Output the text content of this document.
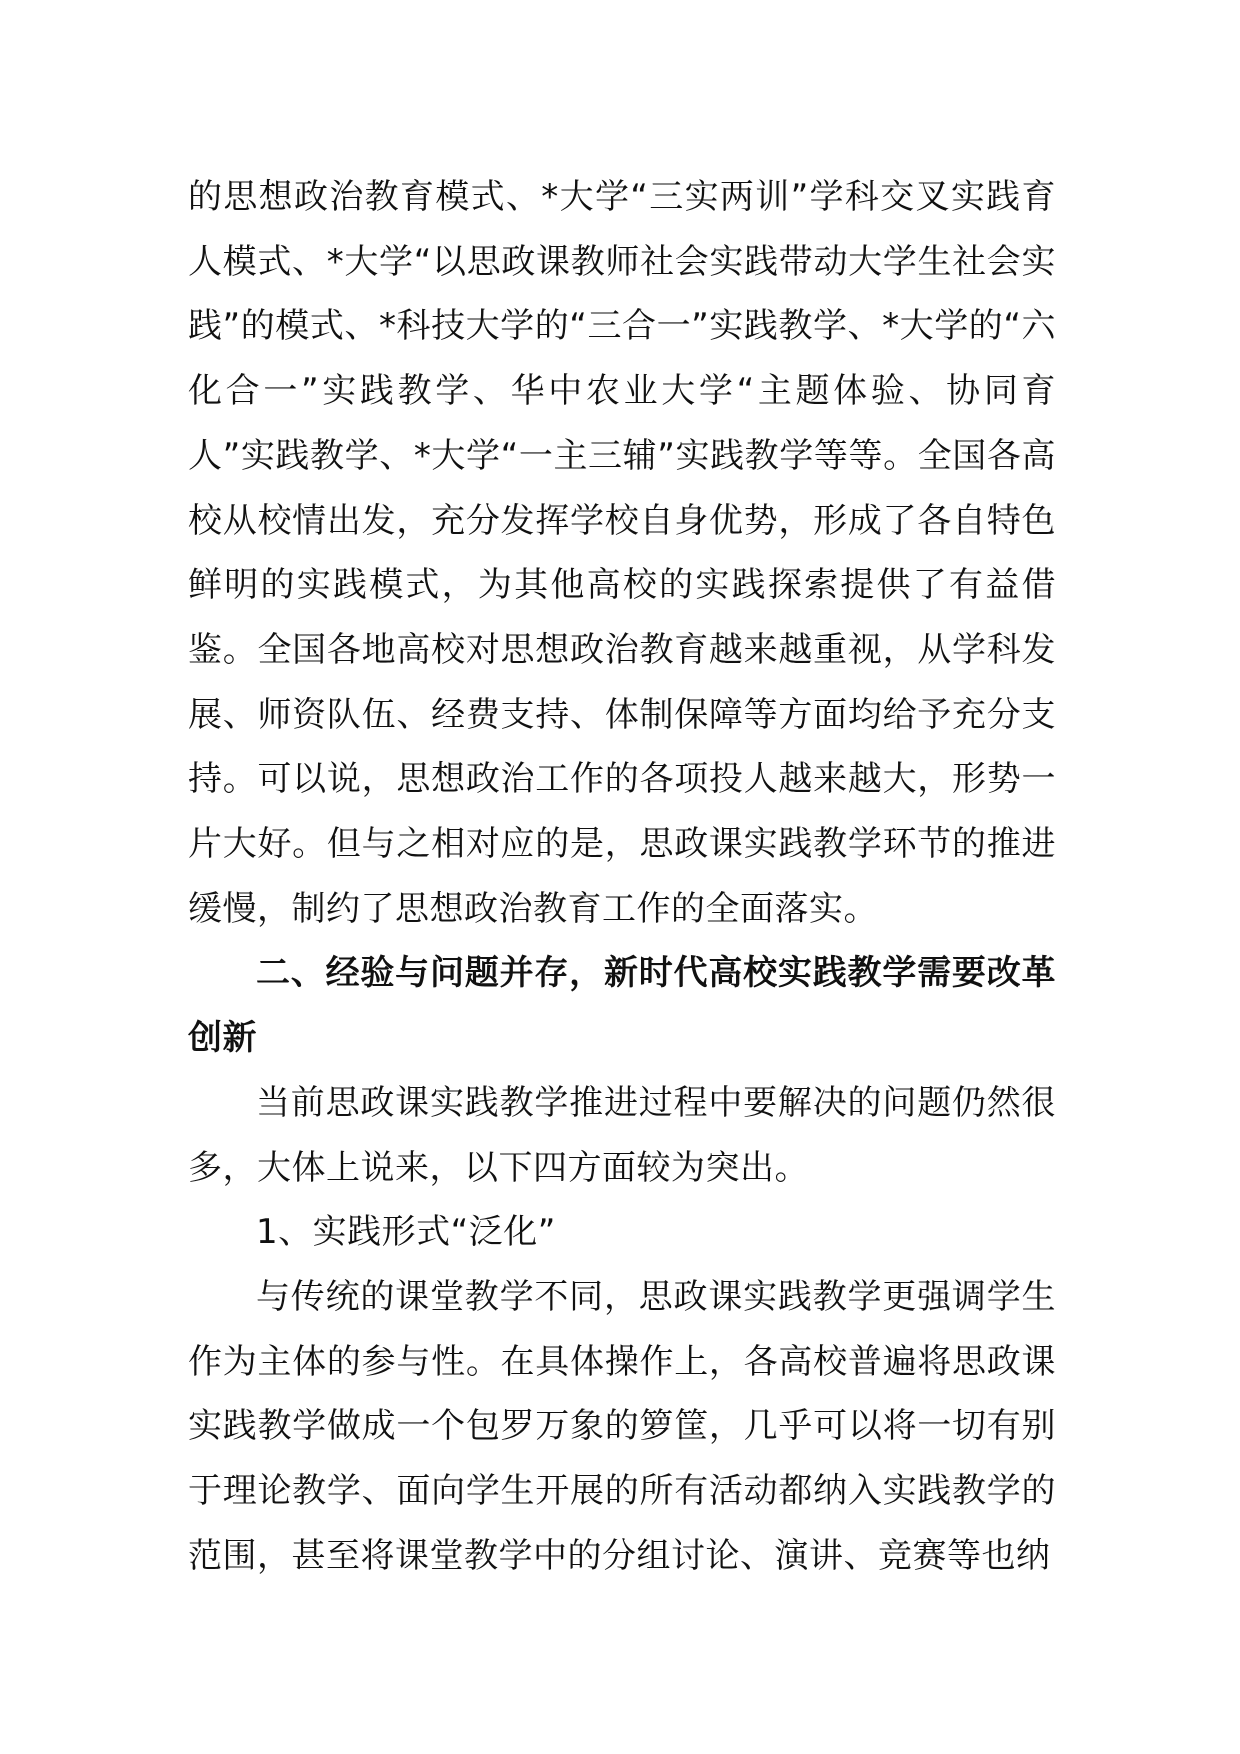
的思想政治教育模式、*大学“三实两训”学科交叉实践育人模式、*大学“以思政课教师社会实践带动大学生社会实践”的模式、*科技大学的“三合一”实践教学、*大学的“六化合一”实践教学、华中农业大学“主题体验、协同育人”实践教学、*大学“一主三辅”实践教学等等。全国各高校从校情出发，充分发挥学校自身优势，形成了各自特色鲜明的实践模式，为其他高校的实践探索提供了有益借鉴。全国各地高校对思想政治教育越来越重视，从学科发展、师资队伍、经费支持、体制保障等方面均给予充分支持。可以说，思想政治工作的各项投人越来越大，形势一片大好。但与之相对应的是，思政课实践教学环节的推进缓慢，制约了思想政治教育工作的全面落实。

二、经验与问题并存，新时代高校实践教学需要改革创新

当前思政课实践教学推进过程中要解决的问题仍然很多，大体上说来，以下四方面较为突出。

1、实践形式“泛化”

与传统的课堂教学不同，思政课实践教学更强调学生作为主体的参与性。在具体操作上，各高校普遍将思政课实践教学做成一个包罗万象的箩筐，几乎可以将一切有别于理论教学、面向学生开展的所有活动都纳入实践教学的范围，甚至将课堂教学中的分组讨论、演讲、竞赛等也纳
